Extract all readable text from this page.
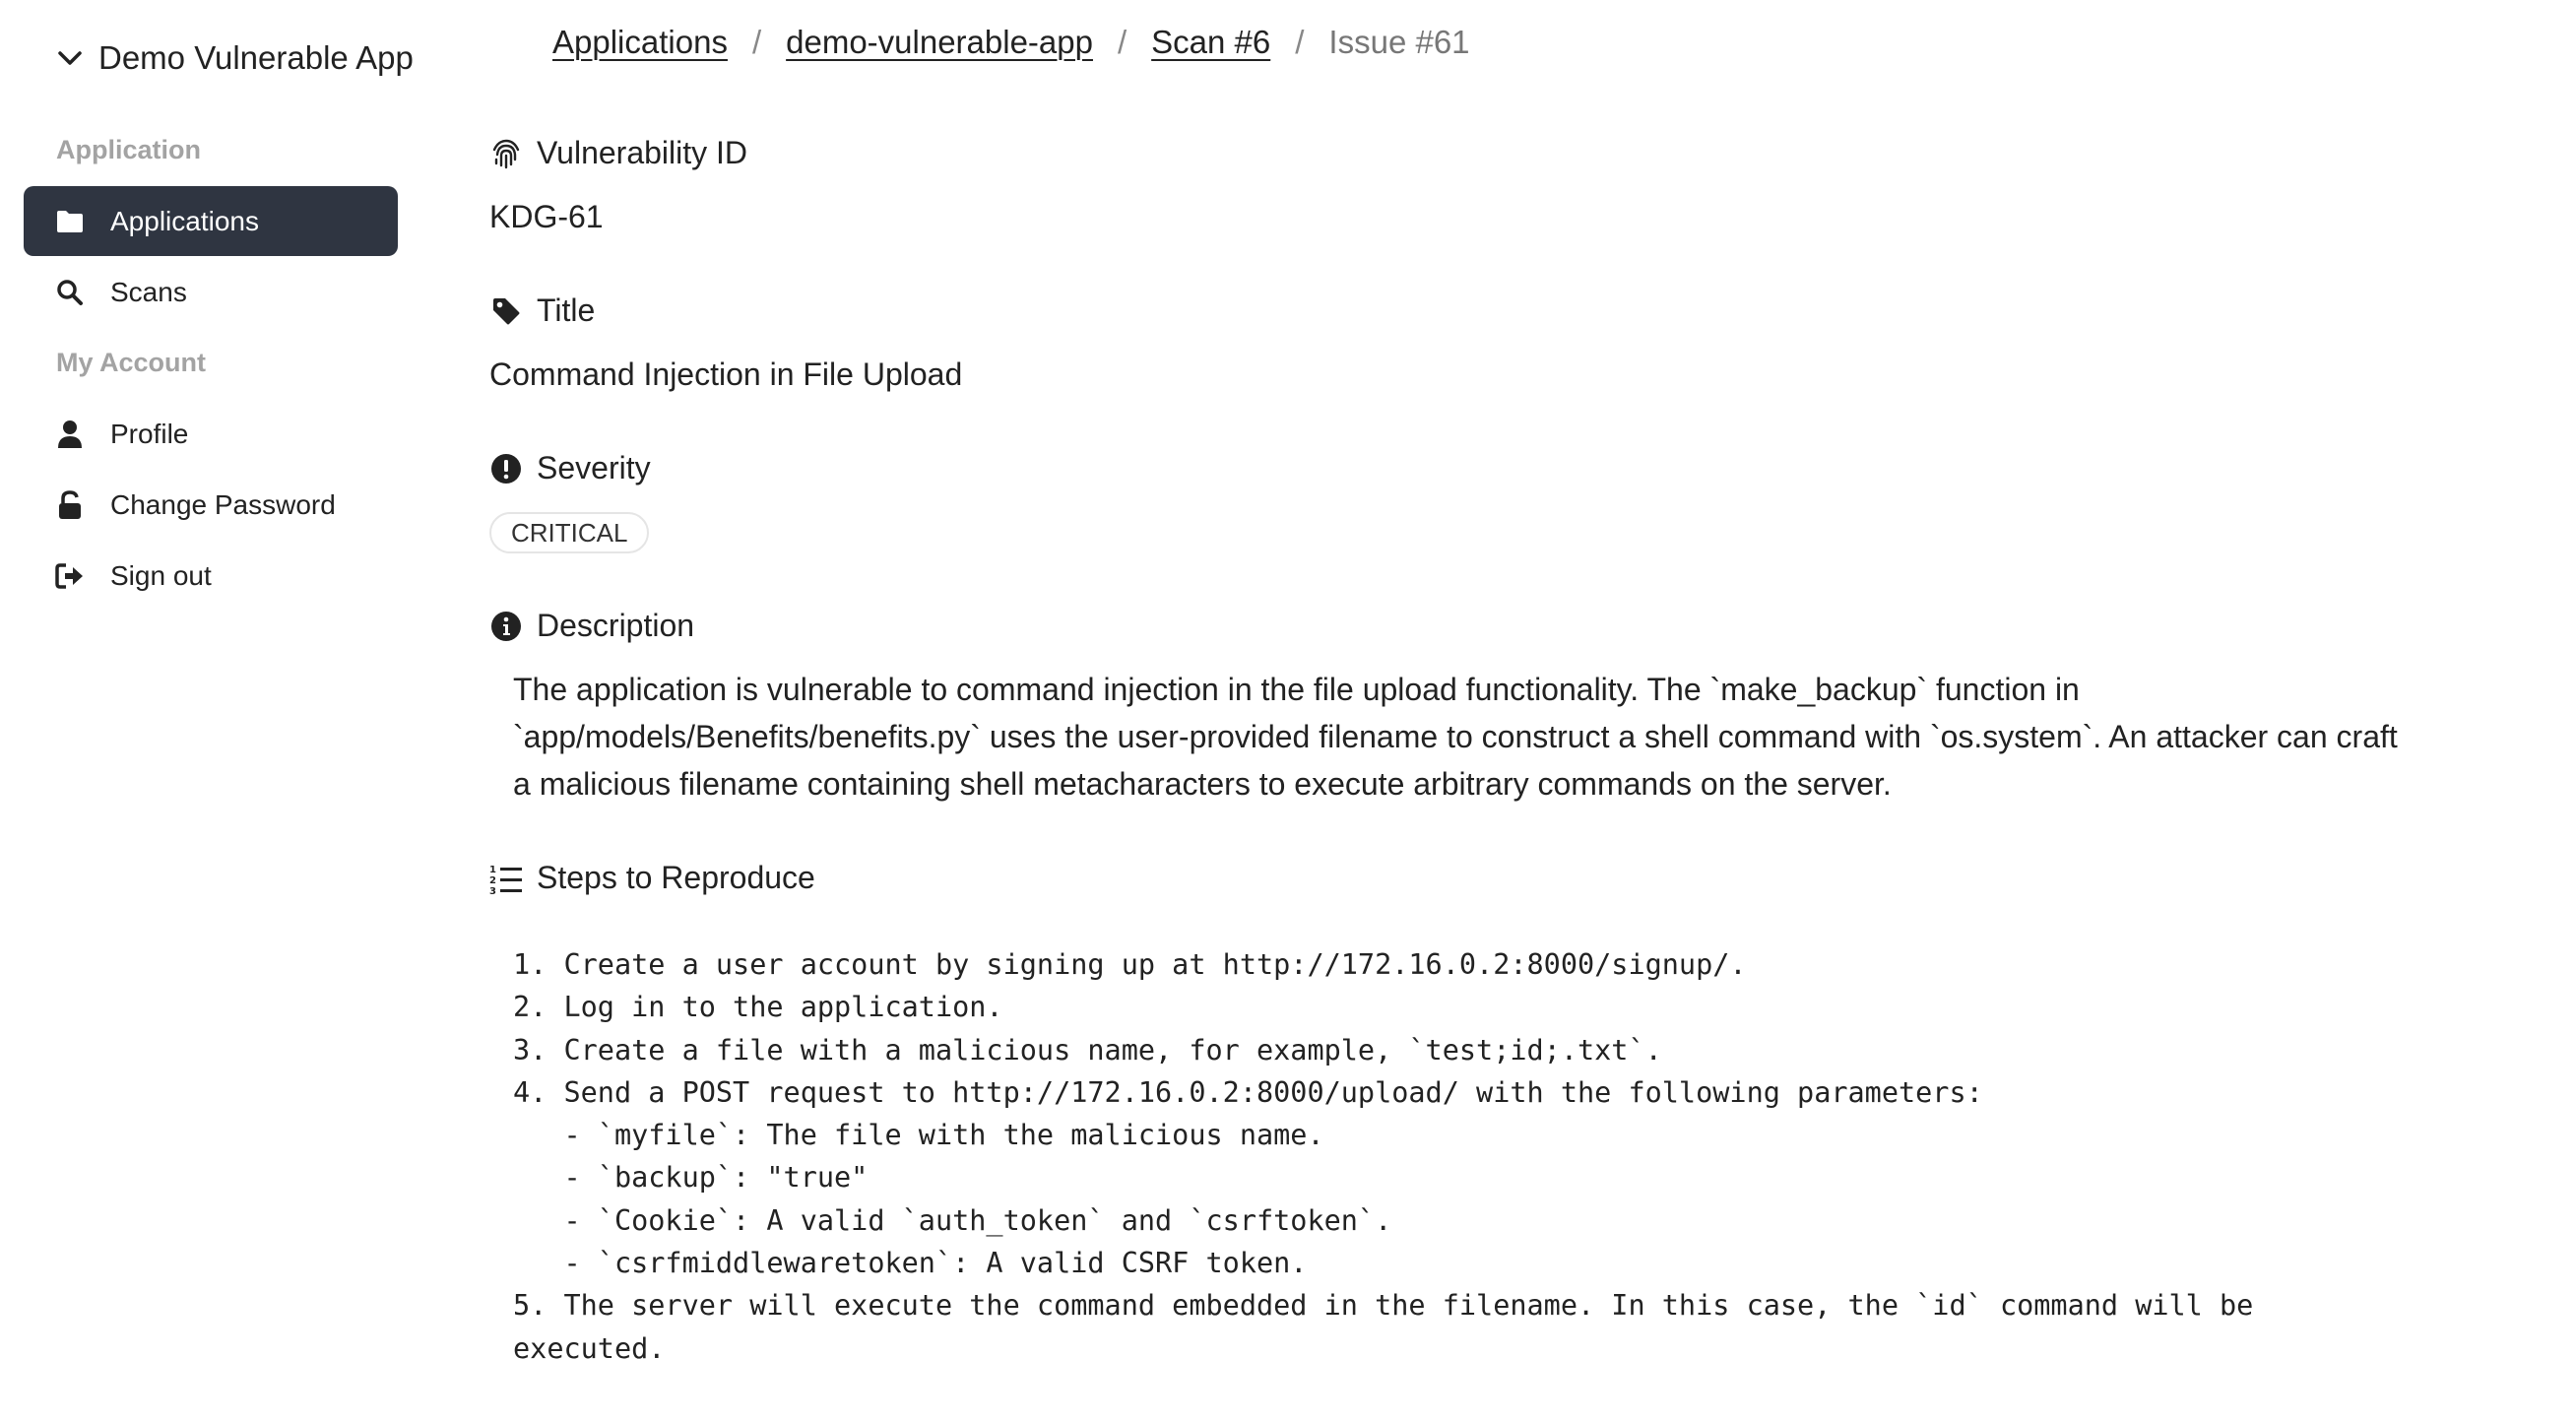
Demo Vulnerable App
Application
Applications
Scans
My Account
Profile
Change Password
Sign out
Applications / demo-vulnerable-app / Scan #6 / Issue #61
Vulnerability ID
KDG-61
Title
Command Injection in File Upload
Severity
CRITICAL
Description
The application is vulnerable to command injection in the file upload functionality. The `make_backup` function in `app/models/Benefits/benefits.py` uses the user-provided filename to construct a shell command with `os.system`. An attacker can craft a malicious filename containing shell metacharacters to execute arbitrary commands on the server.
1
2
3 Steps to Reproduce
1. Create a user account by signing up at http://172.16.0.2:8000/signup/.
2. Log in to the application.
3. Create a file with a malicious name, for example, `test;id;.txt`.
4. Send a POST request to http://172.16.0.2:8000/upload/ with the following parameters:
- `myfile`: The file with the malicious name.
- `backup`: "true"
- `Cookie`: A valid `auth_token` and `csrftoken`.
- `csrfmiddlewaretoken`: A valid CSRF token.
5. The server will execute the command embedded in the filename. In this case, the `id` command will be
executed.
